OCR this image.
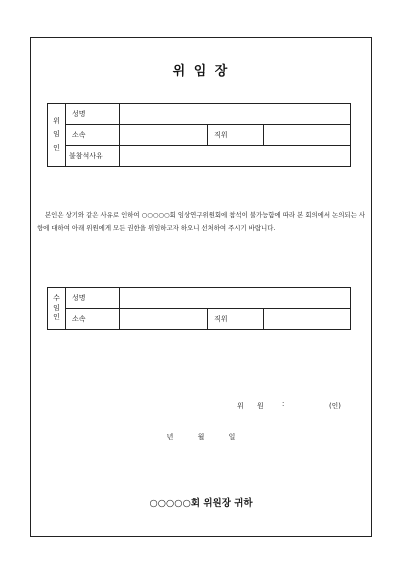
위 임 장
위
임
인	성명			
	소속		직위	
	불참석사유			
본인은 상기와 같은 사유로 인하여 ○○○○○회 임상연구위원회에 참석이 불가능함에 따라 본 회의에서 논의되는 사항에 대하여 아래 위원에게 모든 권한을 위임하고자 하오니 선처하여 주시기 바랍니다.
수
임
인	성명			
	소속		직위	
위 원	:	(인)
년	월	일
○○○○○회 위원장 귀하
